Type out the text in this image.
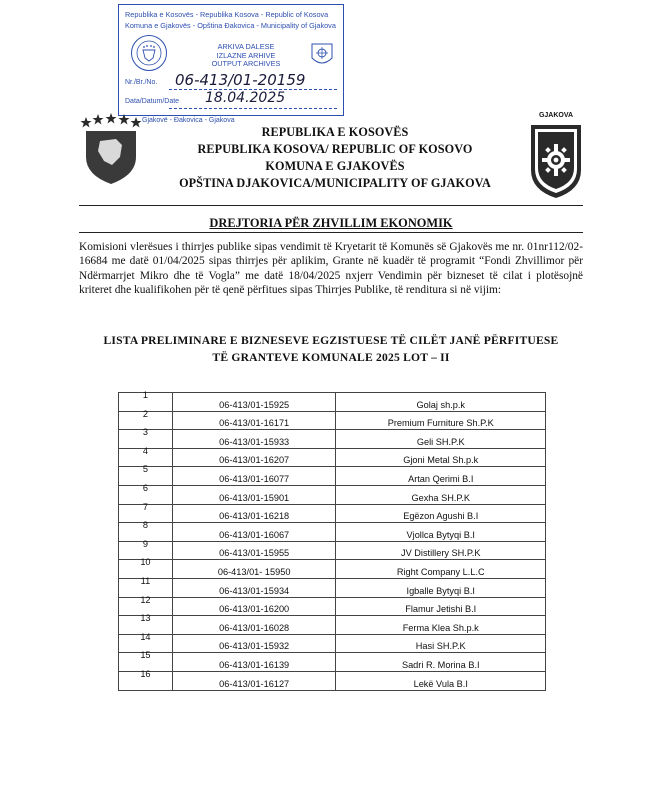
Republika e Kosovës - Republika Kosova - Republic of Kosova
Komuna e Gjakovës - Opština Đakovica - Municipality of Gjakova
ARKIVA DALESE
IZLAZNE ARHIVE
OUTPUT ARCHIVES
Nr./Br./No. 06-413/01-20159
Data/Datum/Date 18.04.2025
Gjakovë - Đakovica - Gjakova
GJAKOVA
REPUBLIKA E KOSOVËS
REPUBLIKA KOSOVA/ REPUBLIC OF KOSOVO
KOMUNA E GJAKOVËS
OPŠTINA DJAKOVICA/MUNICIPALITY OF GJAKOVA
DREJTORIA PËR ZHVILLIM EKONOMIK
Komisioni vlerësues i thirrjes publike sipas vendimit të Kryetarit të Komunës së Gjakovës me nr. 01nr112/02-16684 me datë 01/04/2025 sipas thirrjes për aplikim, Grante në kuadër të programit “Fondi Zhvillimor për Ndërmarrjet Mikro dhe të Vogla” me datë 18/04/2025 nxjerr Vendimin për bizneset të cilat i plotësojnë kriteret dhe kualifikohen për të qenë përfitues sipas Thirrjes Publike, të renditura si në vijim:
LISTA PRELIMINARE E BIZNESEVE EGZISTUESE TË CILËT JANË PËRFITUESE
TË GRANTEVE KOMUNALE 2025 LOT – II
1	06-413/01-15925	Golaj sh.p.k

2	06-413/01-16171	Premium Furniture Sh.P.K

3	06-413/01-15933	Geli SH.P.K

4	06-413/01-16207	Gjoni Metal Sh.p.k

5	06-413/01-16077	Artan Qerimi B.I

6	06-413/01-15901	Gexha SH.P.K

7	06-413/01-16218	Egëzon Agushi B.I

8	06-413/01-16067	Vjollca Bytyqi B.I

9	06-413/01-15955	JV Distillery SH.P.K

10	06-413/01- 15950	Right Company L.L.C

11	06-413/01-15934	Igballe Bytyqi B.I

12	06-413/01-16200	Flamur Jetishi B.I

13	06-413/01-16028	Ferma Klea Sh.p.k

14	06-413/01-15932	Hasi SH.P.K

15	06-413/01-16139	Sadri R. Morina B.I

16	06-413/01-16127	Lekë Vula B.I
